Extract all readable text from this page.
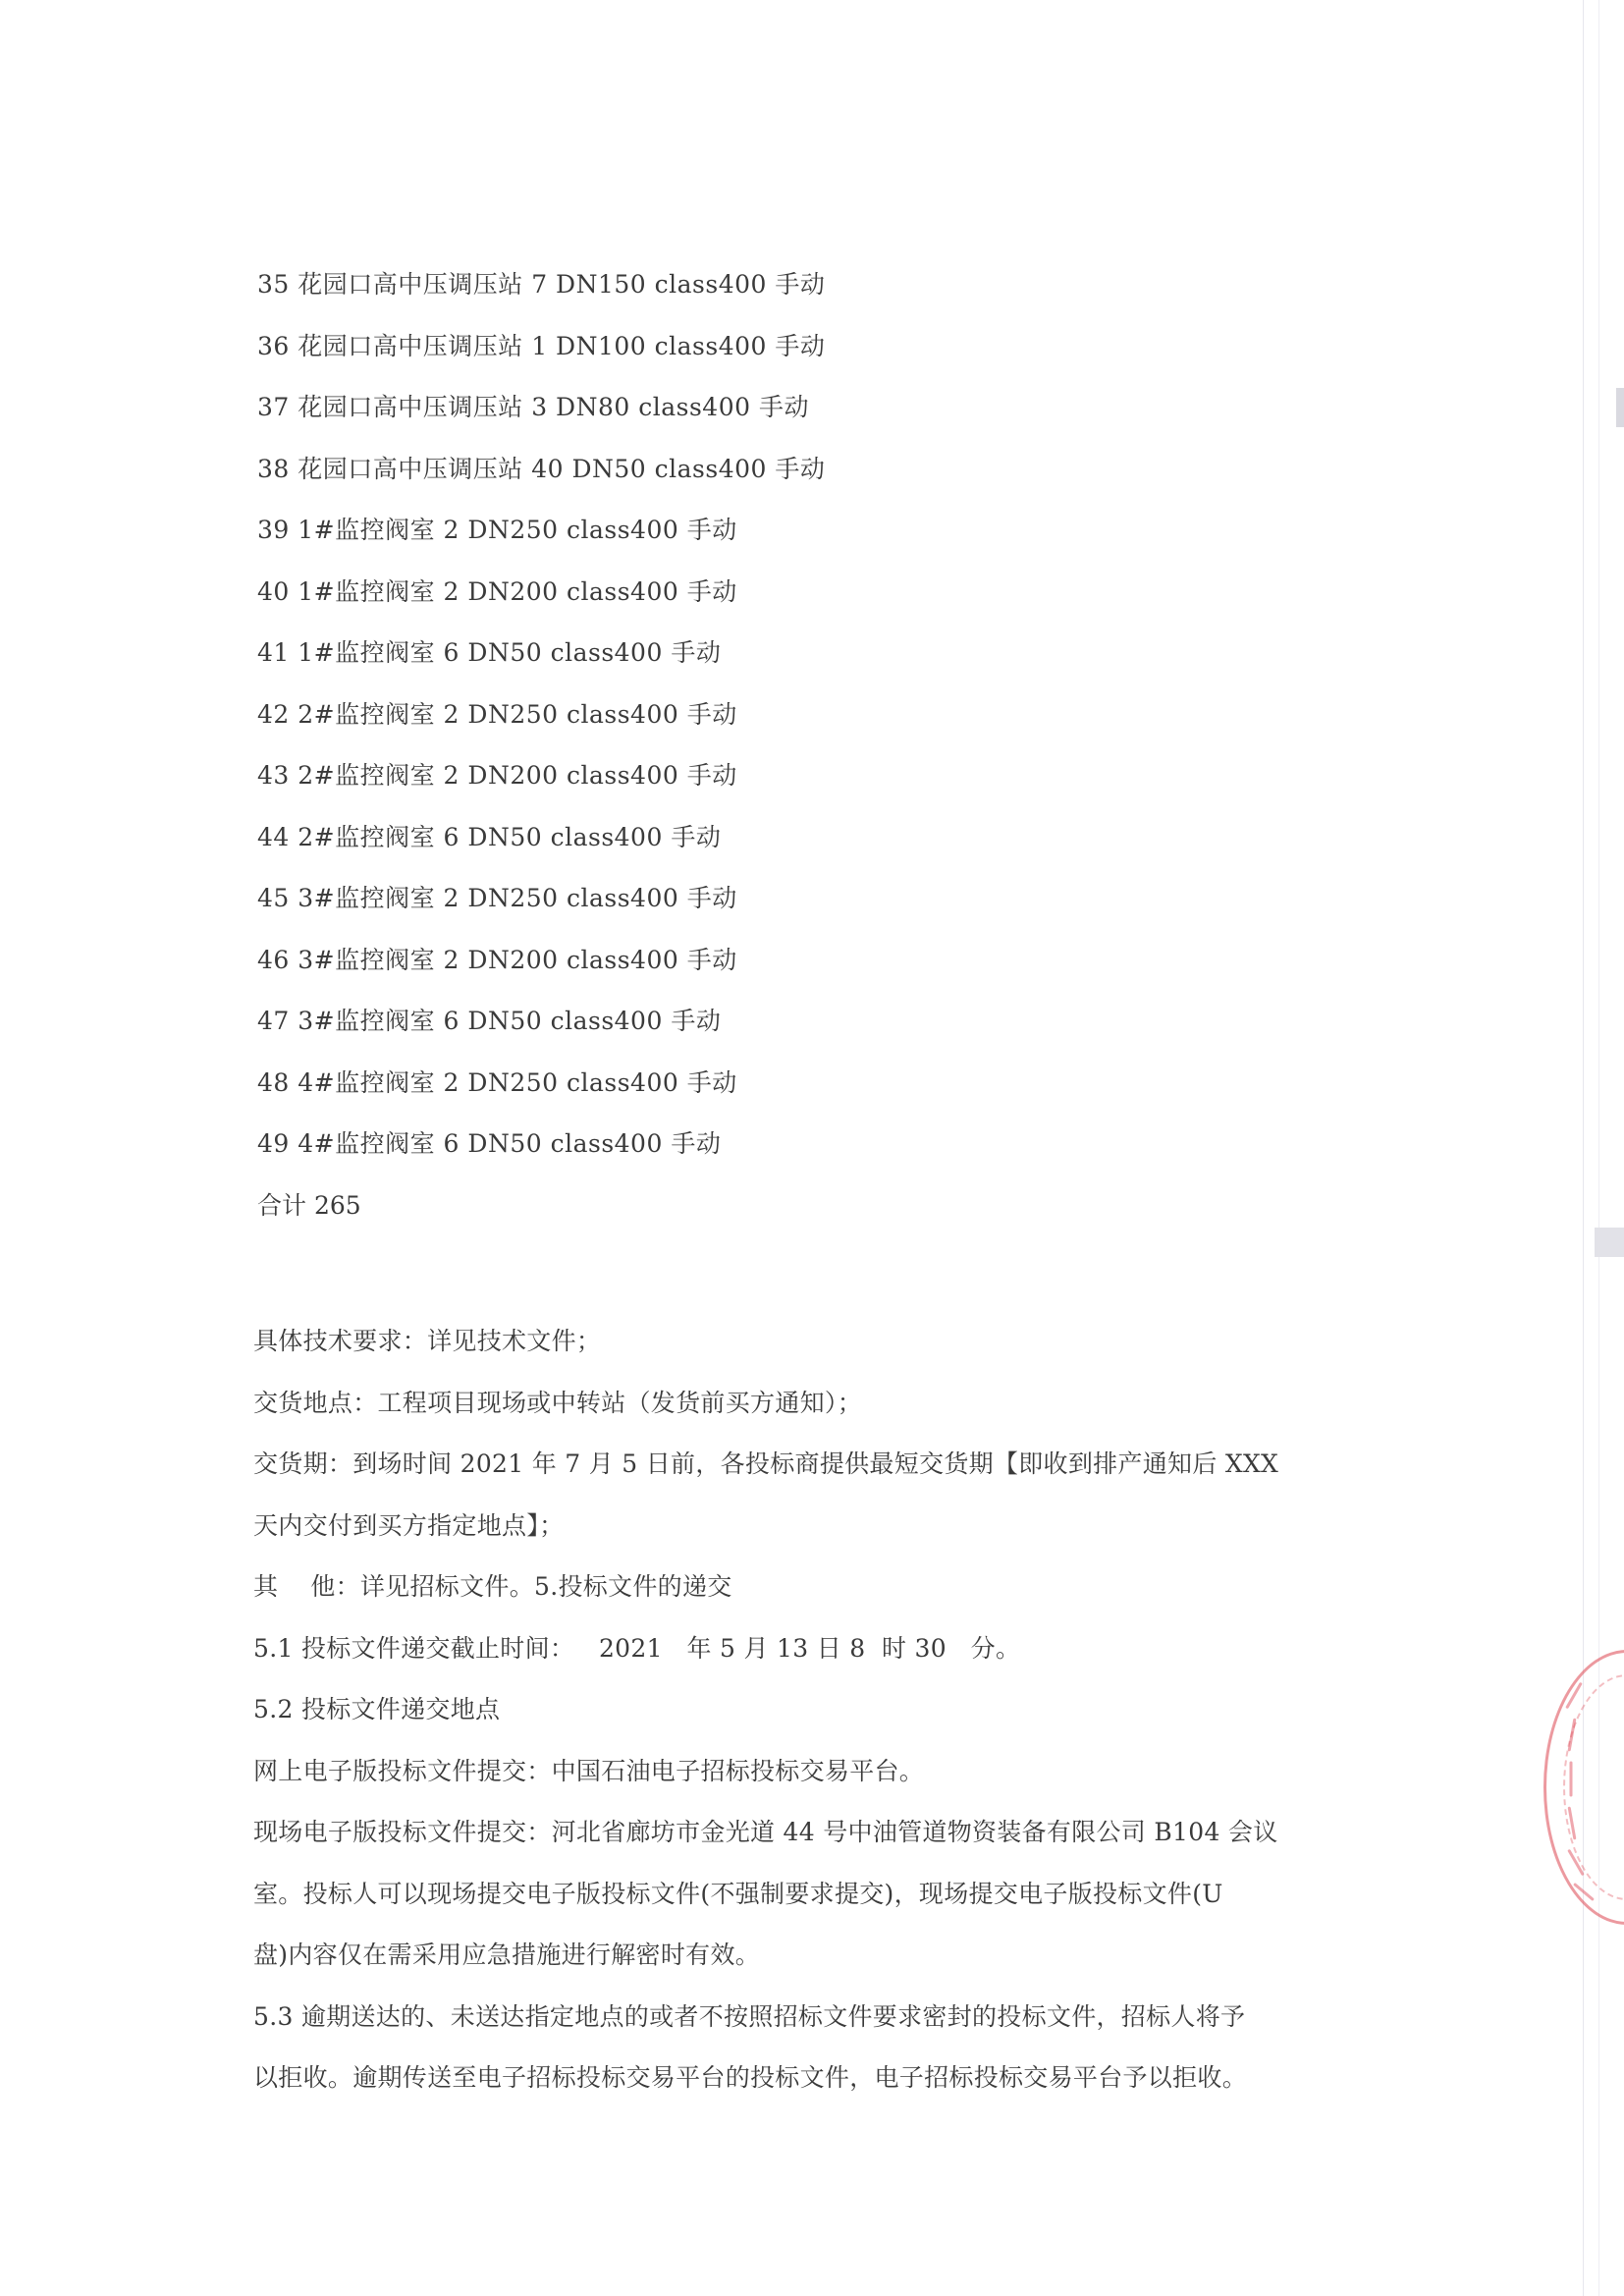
35 花园口高中压调压站 7 DN150 class400 手动
36 花园口高中压调压站 1 DN100 class400 手动
37 花园口高中压调压站 3 DN80 class400 手动
38 花园口高中压调压站 40 DN50 class400 手动
39 1#监控阀室 2 DN250 class400 手动
40 1#监控阀室 2 DN200 class400 手动
41 1#监控阀室 6 DN50 class400 手动
42 2#监控阀室 2 DN250 class400 手动
43 2#监控阀室 2 DN200 class400 手动
44 2#监控阀室 6 DN50 class400 手动
45 3#监控阀室 2 DN250 class400 手动
46 3#监控阀室 2 DN200 class400 手动
47 3#监控阀室 6 DN50 class400 手动
48 4#监控阀室 2 DN250 class400 手动
49 4#监控阀室 6 DN50 class400 手动
合计 265

具体技术要求：详见技术文件；

交货地点：工程项目现场或中转站（发货前买方通知）；

交货期：到场时间 2021 年 7 月 5 日前，各投标商提供最短交货期【即收到排产通知后 XXX

天内交付到买方指定地点】；

其    他：详见招标文件。5.投标文件的递交

5.1 投标文件递交截止时间：   2021   年 5 月 13 日 8  时 30   分。

5.2 投标文件递交地点

网上电子版投标文件提交：中国石油电子招标投标交易平台。

现场电子版投标文件提交：河北省廊坊市金光道 44 号中油管道物资装备有限公司 B104 会议

室。投标人可以现场提交电子版投标文件(不强制要求提交)，现场提交电子版投标文件(U

盘)内容仅在需采用应急措施进行解密时有效。

5.3 逾期送达的、未送达指定地点的或者不按照招标文件要求密封的投标文件，招标人将予

以拒收。逾期传送至电子招标投标交易平台的投标文件，电子招标投标交易平台予以拒收。
